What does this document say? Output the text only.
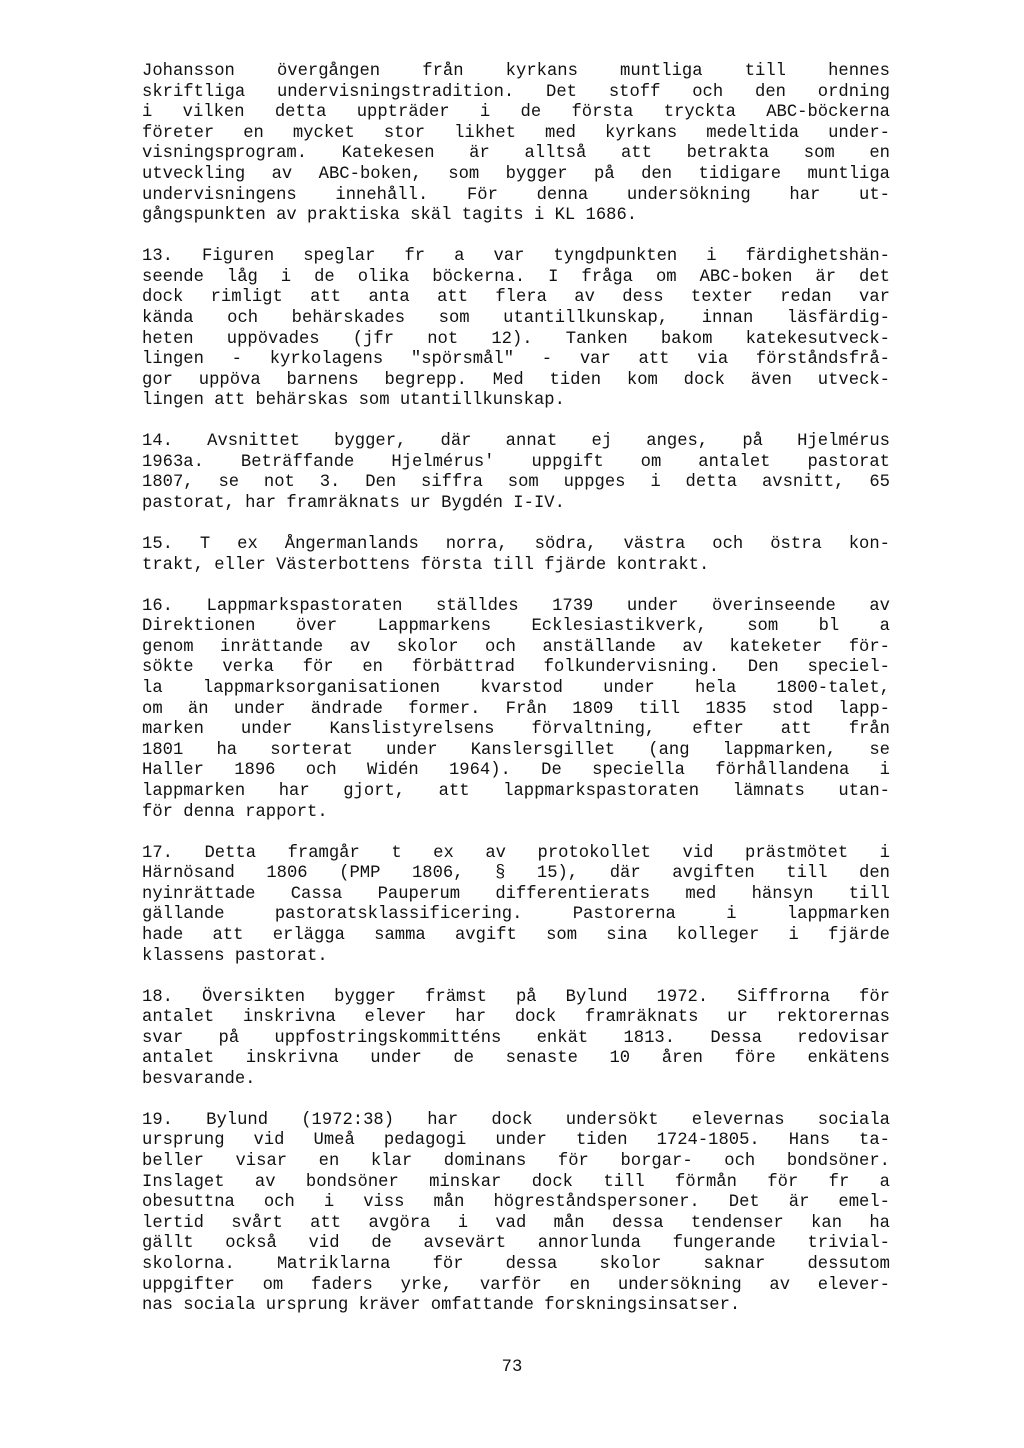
Johansson övergången från kyrkans muntliga till hennes
skriftliga undervisningstradition. Det stoff och den ordning
i vilken detta uppträder i de första tryckta ABC-böckerna
företer en mycket stor likhet med kyrkans medeltida under-
visningsprogram. Katekesen är alltså att betrakta som en
utveckling av ABC-boken, som bygger på den tidigare muntliga
undervisningens innehåll. För denna undersökning har ut-
gångspunkten av praktiska skäl tagits i KL 1686.
13. Figuren speglar fr a var tyngdpunkten i färdighetshän-
seende låg i de olika böckerna. I fråga om ABC-boken är det
dock rimligt att anta att flera av dess texter redan var
kända och behärskades som utantillkunskap, innan läsfärdig-
heten uppövades (jfr not 12). Tanken bakom katekesutveck-
lingen - kyrkolagens "spörsmål" - var att via förståndsfrå-
gor uppöva barnens begrepp. Med tiden kom dock även utveck-
lingen att behärskas som utantillkunskap.
14. Avsnittet bygger, där annat ej anges, på Hjelmérus
1963a. Beträffande Hjelmérus' uppgift om antalet pastorat
1807, se not 3. Den siffra som uppges i detta avsnitt, 65
pastorat, har framräknats ur Bygdén I-IV.
15. T ex Ångermanlands norra, södra, västra och östra kon-
trakt, eller Västerbottens första till fjärde kontrakt.
16. Lappmarkspastoraten ställdes 1739 under överinseende av
Direktionen över Lappmarkens Ecklesiastikverk, som bl a
genom inrättande av skolor och anställande av kateketer för-
sökte verka för en förbättrad folkundervisning. Den speciel-
la lappmarksorganisationen kvarstod under hela 1800-talet,
om än under ändrade former. Från 1809 till 1835 stod lapp-
marken under Kanslistyrelsens förvaltning, efter att från
1801 ha sorterat under Kanslersgillet (ang lappmarken, se
Haller 1896 och Widén 1964). De speciella förhållandena i
lappmarken har gjort, att lappmarkspastoraten lämnats utan-
för denna rapport.
17. Detta framgår t ex av protokollet vid prästmötet i
Härnösand 1806 (PMP 1806, § 15), där avgiften till den
nyinrättade Cassa Pauperum differentierats med hänsyn till
gällande pastoratsklassificering. Pastorerna i lappmarken
hade att erlägga samma avgift som sina kolleger i fjärde
klassens pastorat.
18. Översikten bygger främst på Bylund 1972. Siffrorna för
antalet inskrivna elever har dock framräknats ur rektorernas
svar på uppfostringskommitténs enkät 1813. Dessa redovisar
antalet inskrivna under de senaste 10 åren före enkätens
besvarande.
19. Bylund (1972:38) har dock undersökt elevernas sociala
ursprung vid Umeå pedagogi under tiden 1724-1805. Hans ta-
beller visar en klar dominans för borgar- och bondsöner.
Inslaget av bondsöner minskar dock till förmån för fr a
obesuttna och i viss mån högreståndspersoner. Det är emel-
lertid svårt att avgöra i vad mån dessa tendenser kan ha
gällt också vid de avsevärt annorlunda fungerande trivial-
skolorna. Matriklarna för dessa skolor saknar dessutom
uppgifter om faders yrke, varför en undersökning av elever-
nas sociala ursprung kräver omfattande forskningsinsatser.
73
